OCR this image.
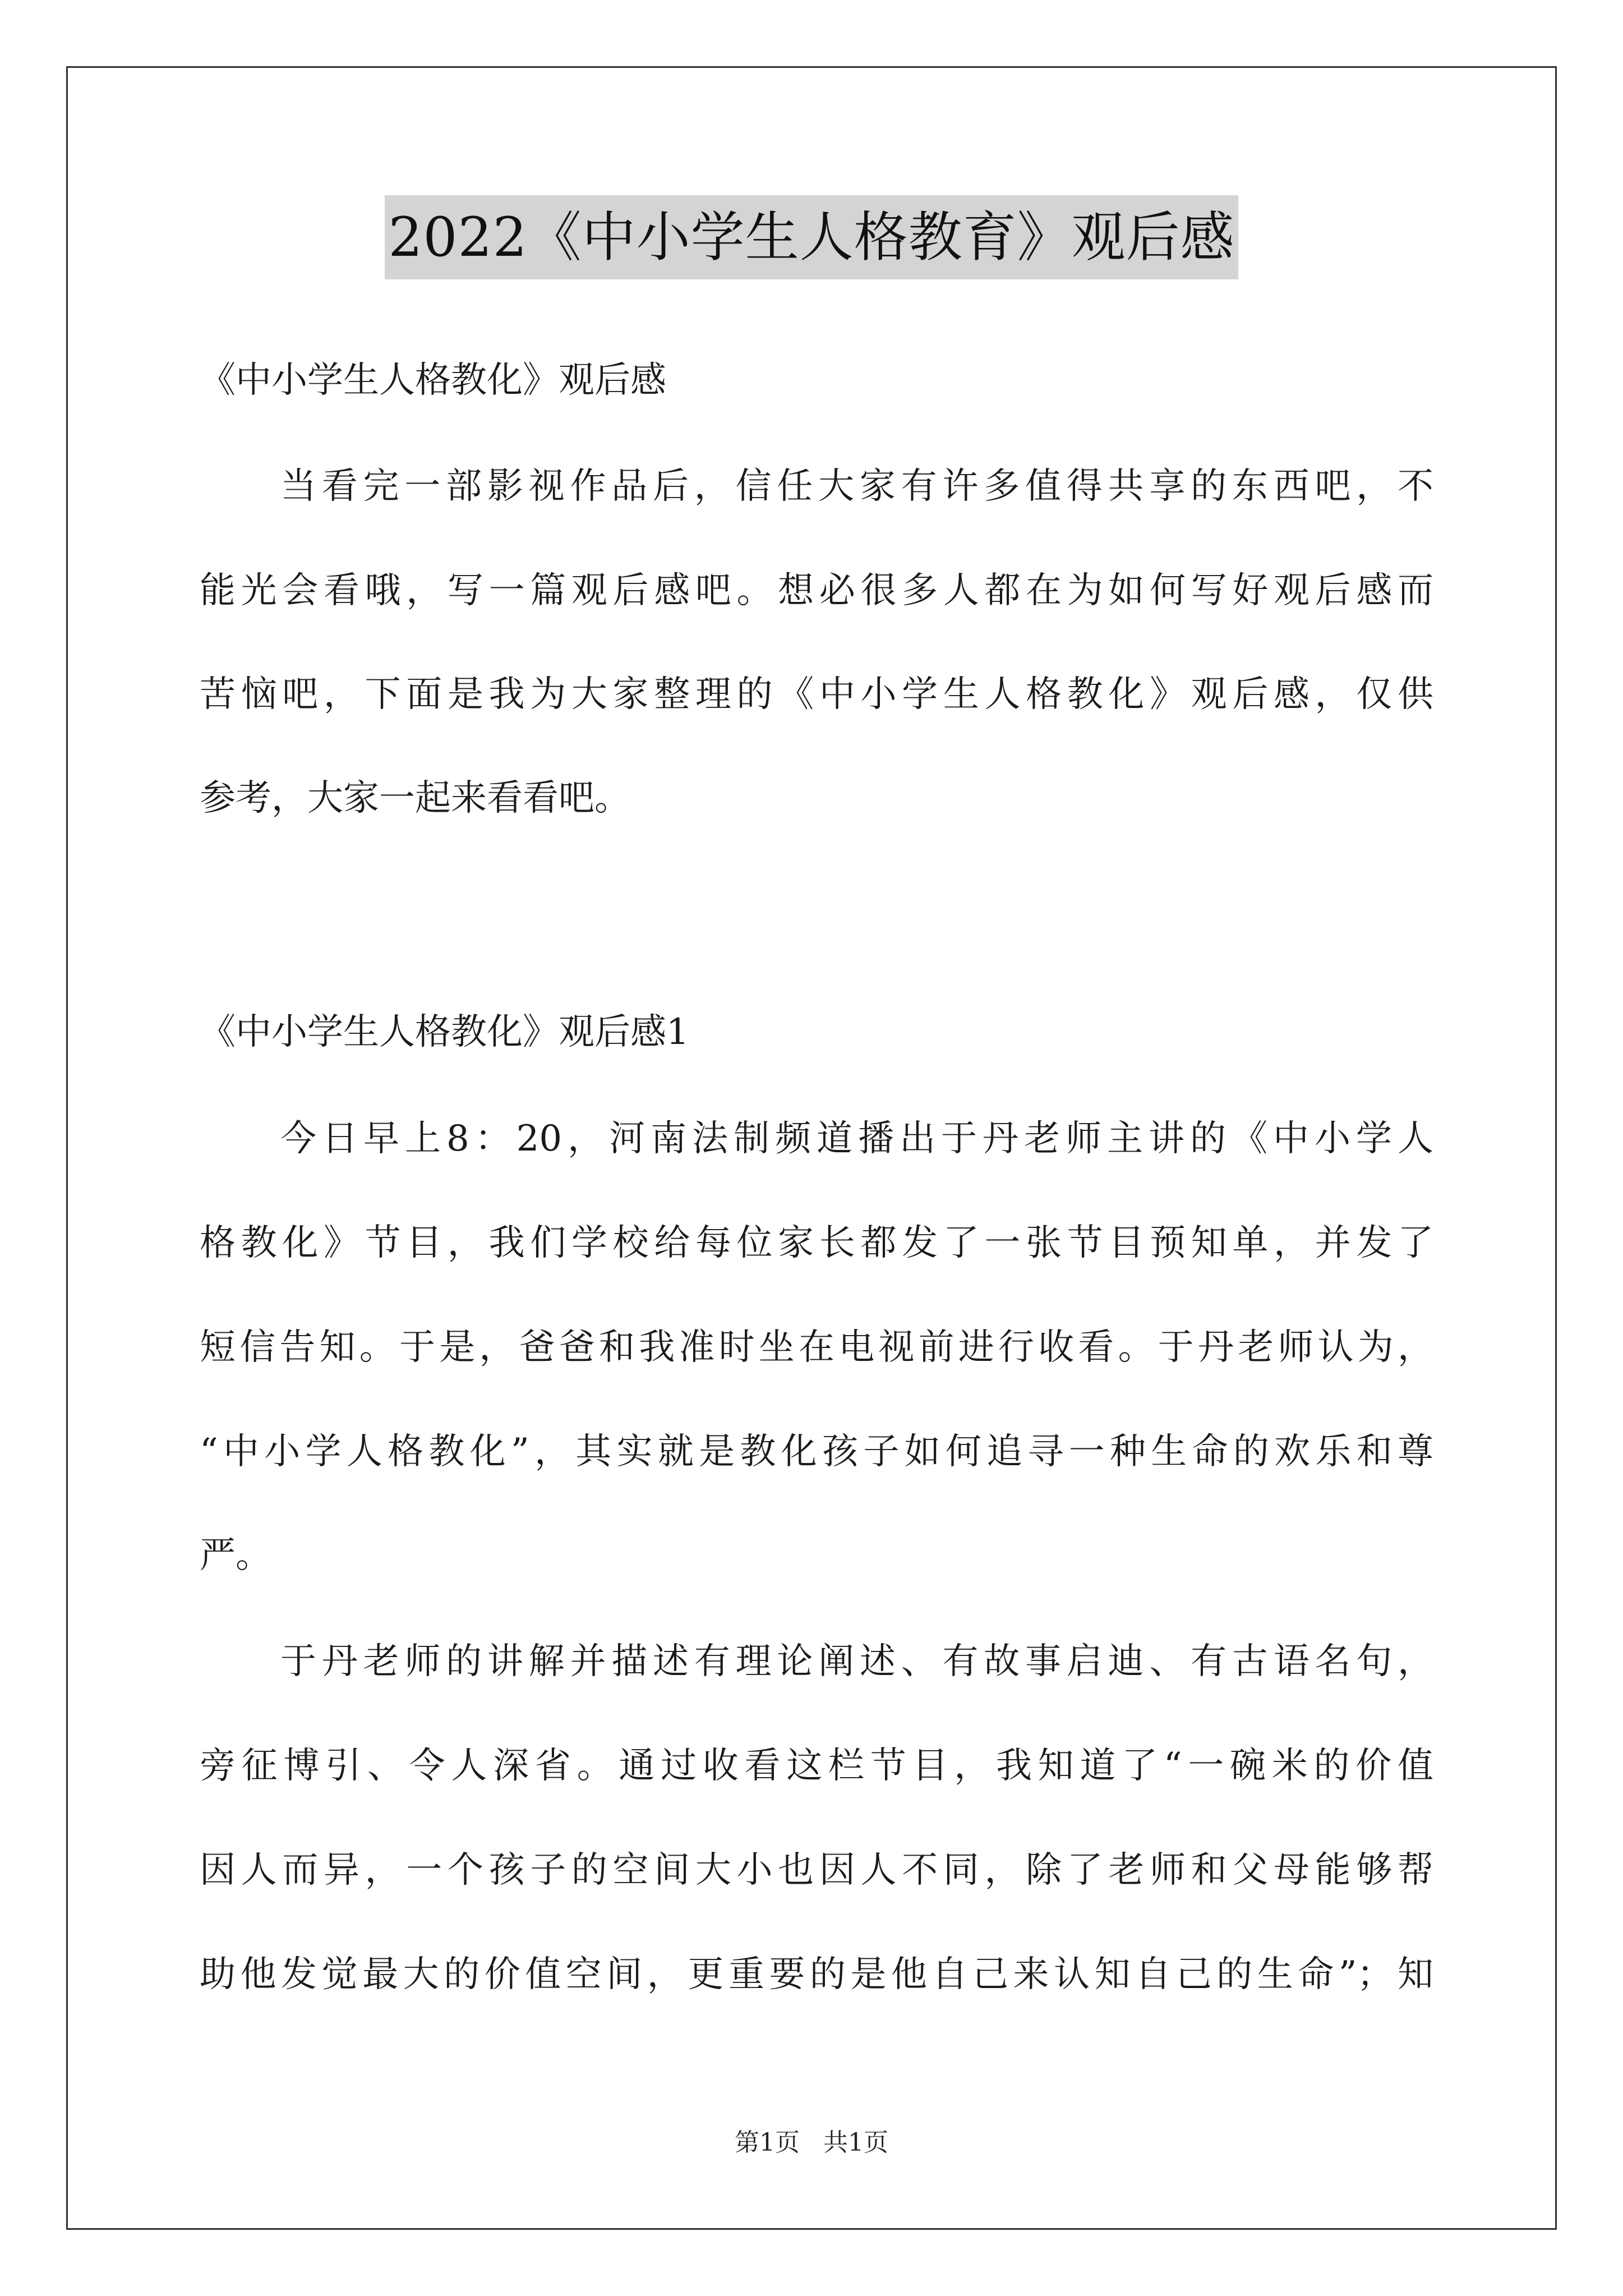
2022《中小学生人格教育》观后感
《中小学生人格教化》观后感
当看完一部影视作品后，信任大家有许多值得共享的东西吧，不
能光会看哦，写一篇观后感吧。想必很多人都在为如何写好观后感而
苦恼吧，下面是我为大家整理的《中小学生人格教化》观后感，仅供
参考，大家一起来看看吧。
《中小学生人格教化》观后感1
今日早上8：20，河南法制频道播出于丹老师主讲的《中小学人
格教化》节目，我们学校给每位家长都发了一张节目预知单，并发了
短信告知。于是，爸爸和我准时坐在电视前进行收看。于丹老师认为，
“中小学人格教化”，其实就是教化孩子如何追寻一种生命的欢乐和尊
严。
于丹老师的讲解并描述有理论阐述、有故事启迪、有古语名句，
旁征博引、令人深省。通过收看这栏节目，我知道了“一碗米的价值
因人而异，一个孩子的空间大小也因人不同，除了老师和父母能够帮
助他发觉最大的价值空间，更重要的是他自己来认知自己的生命”；知
第1页 共1页
